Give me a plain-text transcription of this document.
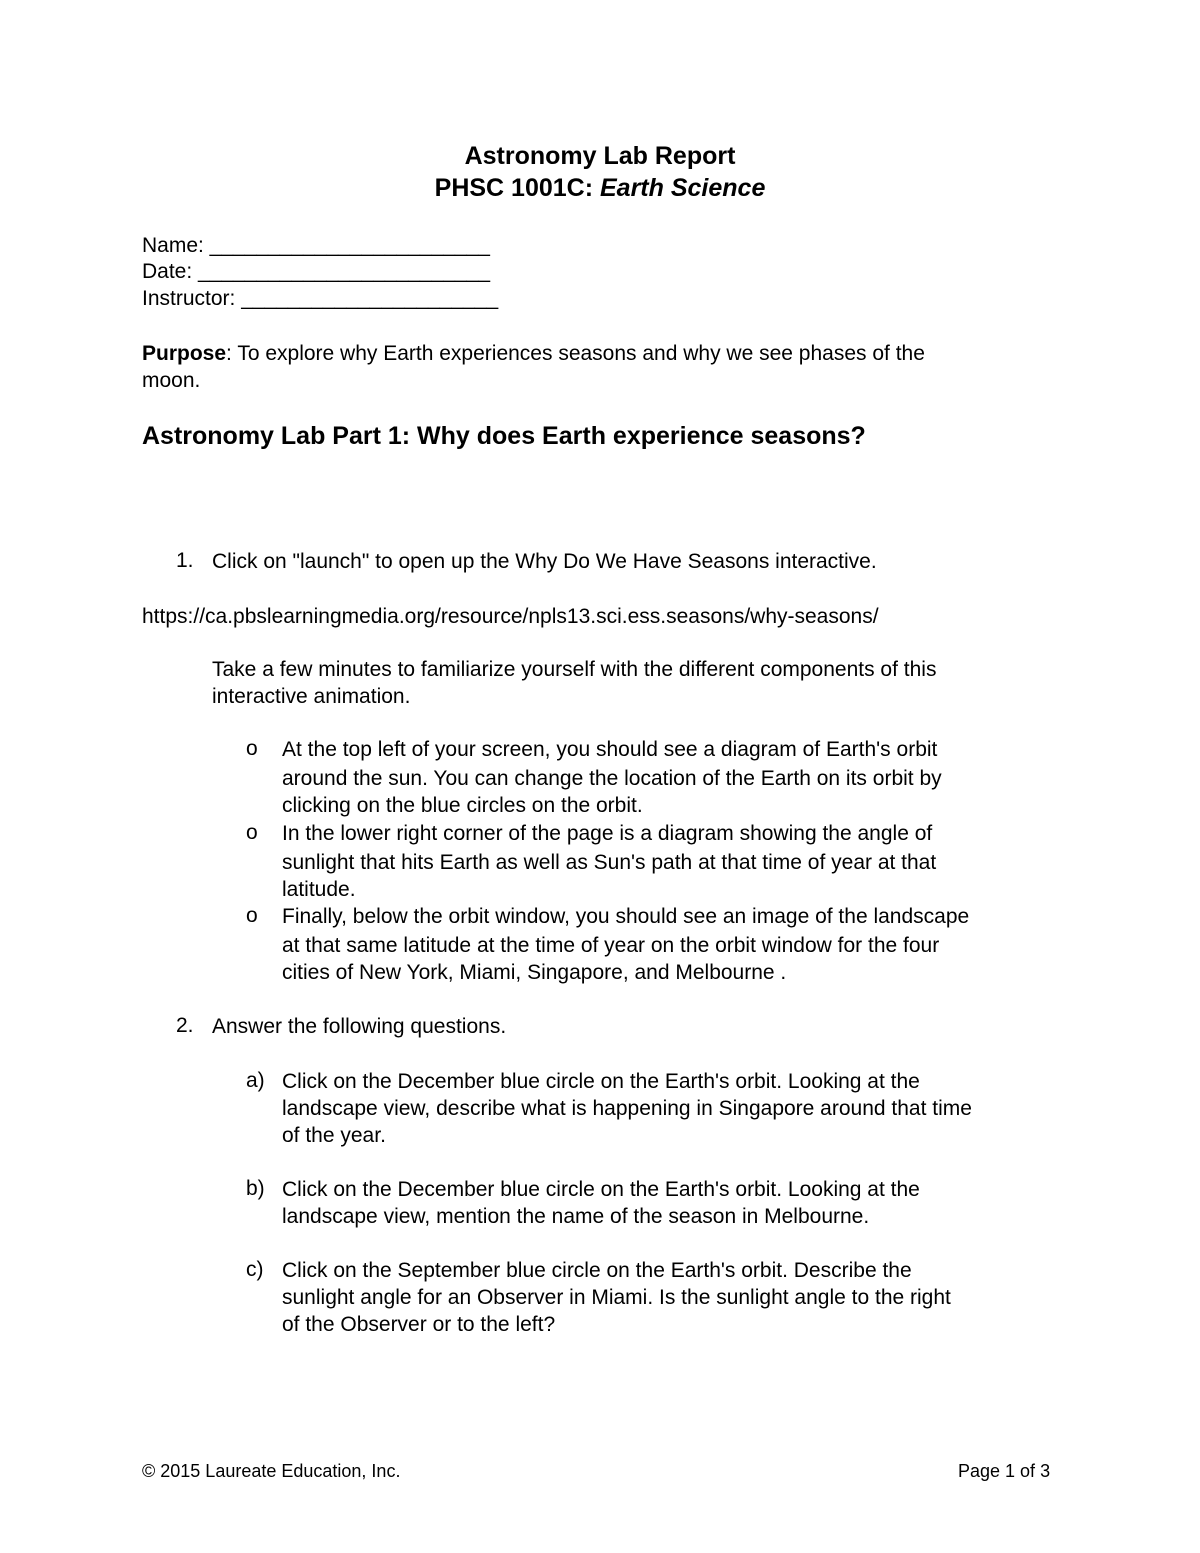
Astronomy Lab Report
PHSC 1001C: Earth Science
Name: ________________________
Date: _________________________
Instructor: ______________________
Purpose: To explore why Earth experiences seasons and why we see phases of the
moon.
Astronomy Lab Part 1: Why does Earth experience seasons?
1. Click on "launch" to open up the Why Do We Have Seasons interactive.
https://ca.pbslearningmedia.org/resource/npls13.sci.ess.seasons/why-seasons/
Take a few minutes to familiarize yourself with the different components of this
interactive animation.
o At the top left of your screen, you should see a diagram of Earth's orbit
around the sun. You can change the location of the Earth on its orbit by
clicking on the blue circles on the orbit.
o In the lower right corner of the page is a diagram showing the angle of
sunlight that hits Earth as well as Sun's path at that time of year at that
latitude.
o Finally, below the orbit window, you should see an image of the landscape
at that same latitude at the time of year on the orbit window for the four
cities of New York, Miami, Singapore, and Melbourne .
2. Answer the following questions.
a) Click on the December blue circle on the Earth's orbit. Looking at the
landscape view, describe what is happening in Singapore around that time
of the year.
b) Click on the December blue circle on the Earth's orbit. Looking at the
landscape view, mention the name of the season in Melbourne.
c) Click on the September blue circle on the Earth's orbit. Describe the
sunlight angle for an Observer in Miami. Is the sunlight angle to the right
of the Observer or to the left?
© 2015 Laureate Education, Inc.	Page 1 of 3
